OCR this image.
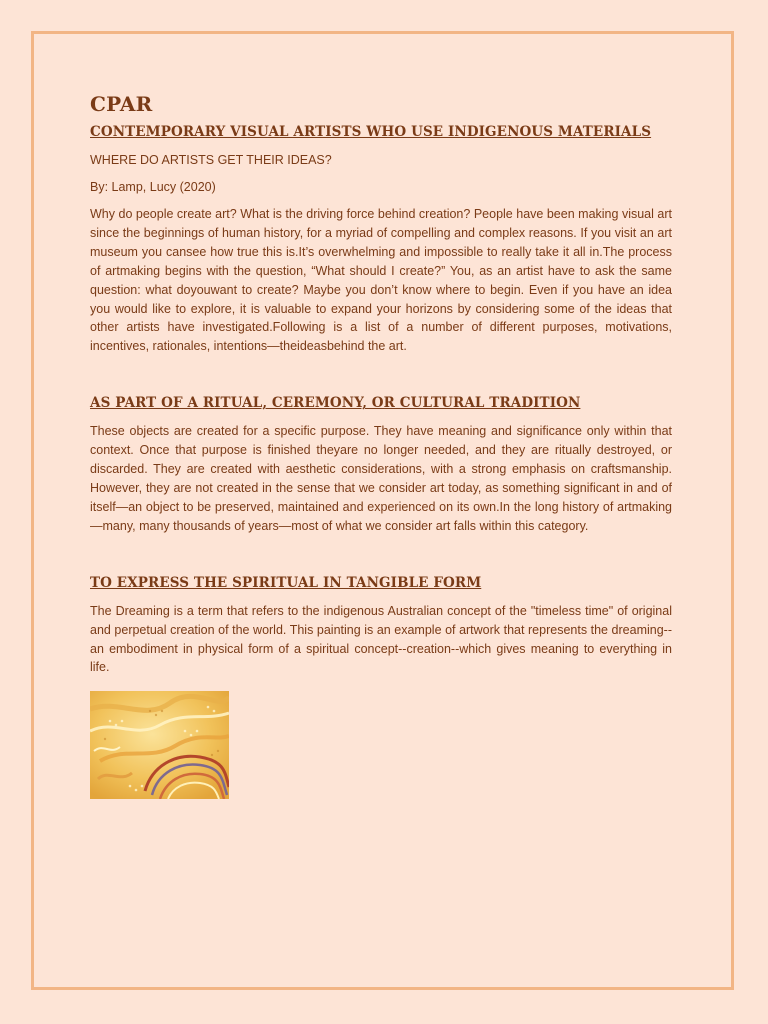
CPAR
CONTEMPORARY VISUAL ARTISTS WHO USE INDIGENOUS MATERIALS

WHERE DO ARTISTS GET THEIR IDEAS?

By: Lamp, Lucy (2020)

Why do people create art? What is the driving force behind creation? People have been making visual art since the beginnings of human history, for a myriad of compelling and complex reasons. If you visit an art museum you cansee how true this is.It’s overwhelming and impossible to really take it all in.The process of artmaking begins with the question, “What should I create?” You, as an artist have to ask the same question: what doyouwant to create? Maybe you don’t know where to begin. Even if you have an idea you would like to explore, it is valuable to expand your horizons by considering some of the ideas that other artists have investigated.Following is a list of a number of different purposes, motivations, incentives, rationales, intentions—theideasbehind the art.

AS PART OF A RITUAL, CEREMONY, OR CULTURAL TRADITION

These objects are created for a specific purpose. They have meaning and significance only within that context. Once that purpose is finished theyare no longer needed, and they are ritually destroyed, or discarded. They are created with aesthetic considerations, with a strong emphasis on craftsmanship. However, they are not created in the sense that we consider art today, as something significant in and of itself—an object to be preserved, maintained and experienced on its own.In the long history of artmaking—many, many thousands of years—most of what we consider art falls within this category.

TO EXPRESS THE SPIRITUAL IN TANGIBLE FORM

The Dreaming is a term that refers to the indigenous Australian concept of the "timeless time" of original and perpetual creation of the world. This painting is an example of artwork that represents the dreaming--an embodiment in physical form of a spiritual concept--creation--which gives meaning to everything in life.
